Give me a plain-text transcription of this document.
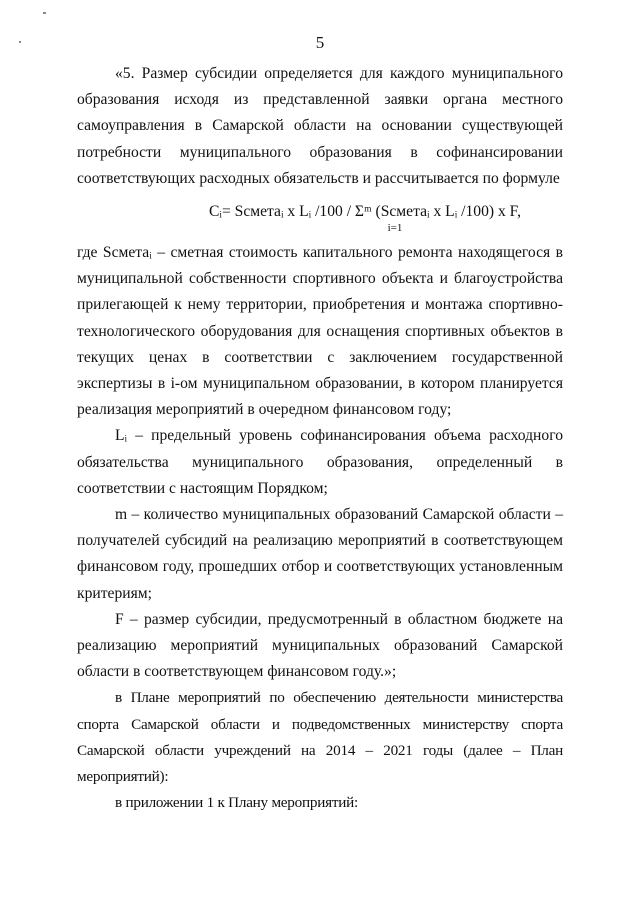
5

«5. Размер субсидии определяется для каждого муниципального образования исходя из представленной заявки органа местного самоуправления в Самарской области на основании существующей потребности муниципального образования в софинансировании соответствующих расходных обязательств и рассчитывается по формуле

Cᵢ= Scметаᵢ x Lᵢ /100 / Σᵐ (Scметаᵢ x Lᵢ /100) x F,

i=1

где Scметаᵢ – сметная стоимость капитального ремонта находящегося в муниципальной собственности спортивного объекта и благоустройства прилегающей к нему территории, приобретения и монтажа спортивно-технологического оборудования для оснащения спортивных объектов в текущих ценах в соответствии с заключением государственной экспертизы в i-ом муниципальном образовании, в котором планируется реализация мероприятий в очередном финансовом году;

Lᵢ – предельный уровень софинансирования объема расходного обязательства муниципального образования, определенный в соответствии с настоящим Порядком;

m – количество муниципальных образований Самарской области – получателей субсидий на реализацию мероприятий в соответствующем финансовом году, прошедших отбор и соответствующих установленным критериям;

F – размер субсидии, предусмотренный в областном бюджете на реализацию мероприятий муниципальных образований Самарской области в соответствующем финансовом году.»;

в Плане мероприятий по обеспечению деятельности министерства спорта Самарской области и подведомственных министерству спорта Самарской области учреждений на 2014 – 2021 годы (далее – План мероприятий):

в приложении 1 к Плану мероприятий:
